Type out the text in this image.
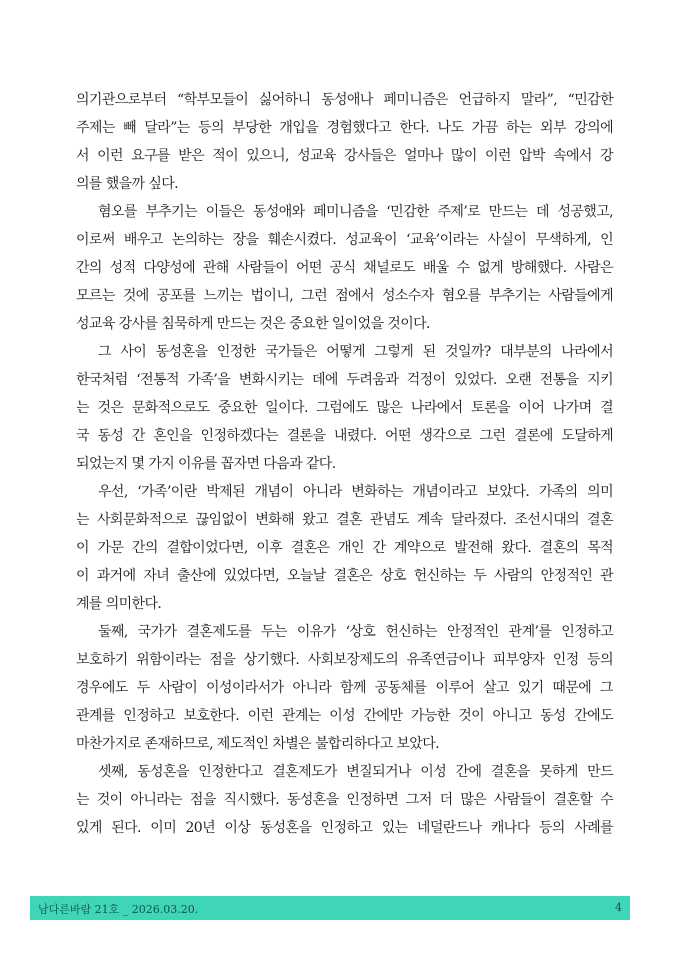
의기관으로부터 “학부모들이 싫어하니 동성애나 페미니즘은 언급하지 말라”, “민감한
주제는 빼 달라”는 등의 부당한 개입을 경험했다고 한다. 나도 가끔 하는 외부 강의에
서 이런 요구를 받은 적이 있으니, 성교육 강사들은 얼마나 많이 이런 압박 속에서 강
의를 했을까 싶다.
혐오를 부추기는 이들은 동성애와 페미니즘을 ‘민감한 주제’로 만드는 데 성공했고,
이로써 배우고 논의하는 장을 훼손시켰다. 성교육이 ‘교육’이라는 사실이 무색하게, 인
간의 성적 다양성에 관해 사람들이 어떤 공식 채널로도 배울 수 없게 방해했다. 사람은
모르는 것에 공포를 느끼는 법이니, 그런 점에서 성소수자 혐오를 부추기는 사람들에게
성교육 강사를 침묵하게 만드는 것은 중요한 일이었을 것이다.
그 사이 동성혼을 인정한 국가들은 어떻게 그렇게 된 것일까? 대부분의 나라에서
한국처럼 ‘전통적 가족’을 변화시키는 데에 두려움과 걱정이 있었다. 오랜 전통을 지키
는 것은 문화적으로도 중요한 일이다. 그럼에도 많은 나라에서 토론을 이어 나가며 결
국 동성 간 혼인을 인정하겠다는 결론을 내렸다. 어떤 생각으로 그런 결론에 도달하게
되었는지 몇 가지 이유를 꼽자면 다음과 같다.
우선, ‘가족’이란 박제된 개념이 아니라 변화하는 개념이라고 보았다. 가족의 의미
는 사회문화적으로 끊임없이 변화해 왔고 결혼 관념도 계속 달라졌다. 조선시대의 결혼
이 가문 간의 결합이었다면, 이후 결혼은 개인 간 계약으로 발전해 왔다. 결혼의 목적
이 과거에 자녀 출산에 있었다면, 오늘날 결혼은 상호 헌신하는 두 사람의 안정적인 관
계를 의미한다.
둘째, 국가가 결혼제도를 두는 이유가 ‘상호 헌신하는 안정적인 관계’를 인정하고
보호하기 위함이라는 점을 상기했다. 사회보장제도의 유족연금이나 피부양자 인정 등의
경우에도 두 사람이 이성이라서가 아니라 함께 공동체를 이루어 살고 있기 때문에 그
관계를 인정하고 보호한다. 이런 관계는 이성 간에만 가능한 것이 아니고 동성 간에도
마찬가지로 존재하므로, 제도적인 차별은 불합리하다고 보았다.
셋째, 동성혼을 인정한다고 결혼제도가 변질되거나 이성 간에 결혼을 못하게 만드
는 것이 아니라는 점을 직시했다. 동성혼을 인정하면 그저 더 많은 사람들이 결혼할 수
있게 된다. 이미 20년 이상 동성혼을 인정하고 있는 네덜란드나 캐나다 등의 사례를
남다른바람 21호 _ 2026.03.20.	4
